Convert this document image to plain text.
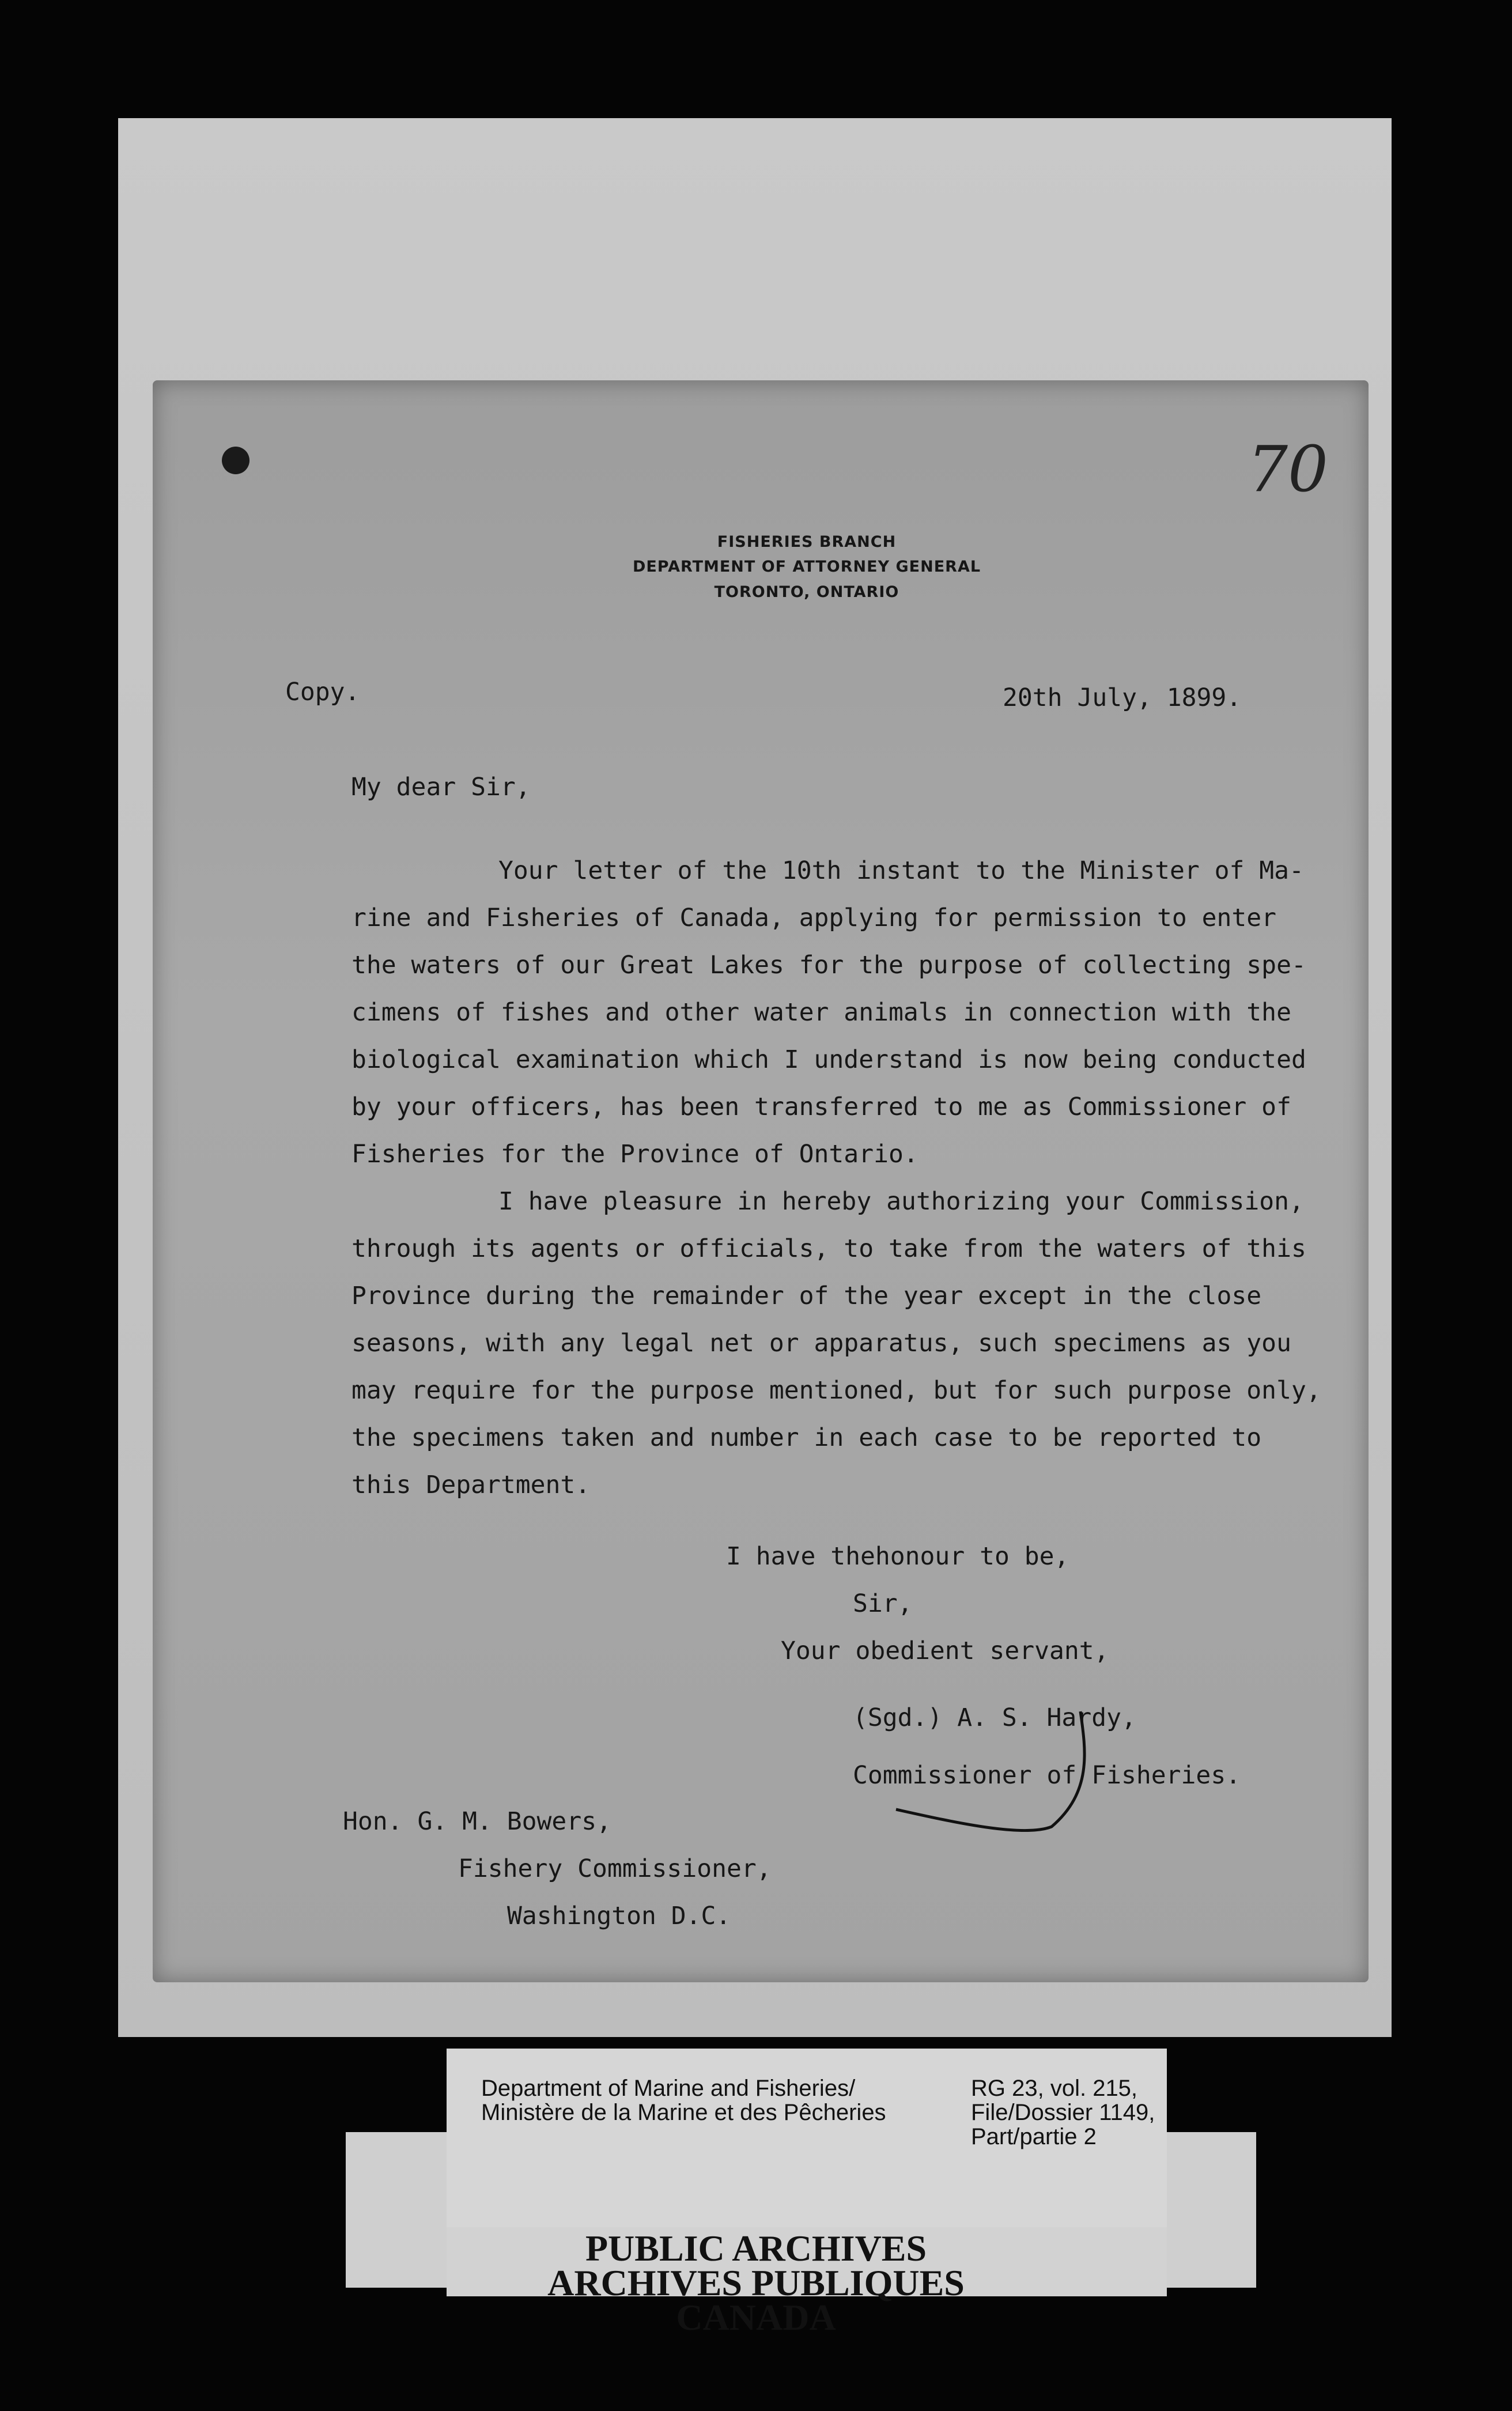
70
FISHERIES BRANCH
DEPARTMENT OF ATTORNEY GENERAL
TORONTO, ONTARIO
Copy.	20th July, 1899.
My dear Sir,
Your letter of the 10th instant to the Minister of Ma-
rine and Fisheries of Canada, applying for permission to enter
the waters of our Great Lakes for the purpose of collecting spe-
cimens of fishes and other water animals in connection with the
biological examination which I understand is now being conducted
by your officers, has been transferred to me as Commissioner of
Fisheries for the Province of Ontario.
I have pleasure in hereby authorizing your Commission,
through its agents or officials, to take from the waters of this
Province during the remainder of the year except in the close
seasons, with any legal net or apparatus, such specimens as you
may require for the purpose mentioned, but for such purpose only,
the specimens taken and number in each case to be reported to
this Department.
I have thehonour to be,
Sir,
Your obedient servant,
(Sgd.) A. S. Hardy,
Commissioner of Fisheries.
Hon. G. M. Bowers,
Fishery Commissioner,
Washington D.C.
Department of Marine and Fisheries/
Ministère de la Marine et des Pêcheries
RG 23, vol. 215,
File/Dossier 1149,
Part/partie 2
PUBLIC ARCHIVES
ARCHIVES PUBLIQUES
CANADA
